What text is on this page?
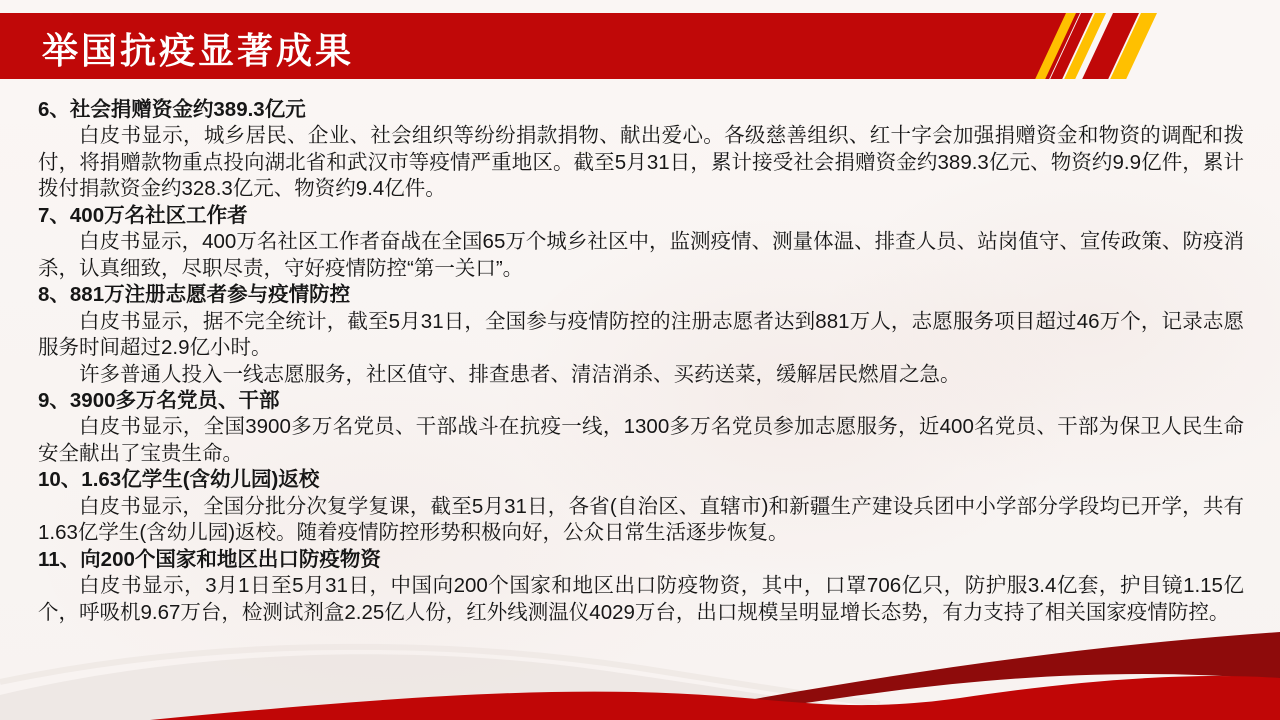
举国抗疫显著成果
6、社会捐赠资金约389.3亿元

白皮书显示，城乡居民、企业、社会组织等纷纷捐款捐物、献出爱心。各级慈善组织、红十字会加强捐赠资金和物资的调配和拨付，将捐赠款物重点投向湖北省和武汉市等疫情严重地区。截至5月31日，累计接受社会捐赠资金约389.3亿元、物资约9.9亿件，累计拨付捐款资金约328.3亿元、物资约9.4亿件。

7、400万名社区工作者

白皮书显示，400万名社区工作者奋战在全国65万个城乡社区中，监测疫情、测量体温、排查人员、站岗值守、宣传政策、防疫消杀，认真细致，尽职尽责，守好疫情防控“第一关口”。

8、881万注册志愿者参与疫情防控

白皮书显示，据不完全统计，截至5月31日，全国参与疫情防控的注册志愿者达到881万人，志愿服务项目超过46万个，记录志愿服务时间超过2.9亿小时。

许多普通人投入一线志愿服务，社区值守、排查患者、清洁消杀、买药送菜，缓解居民燃眉之急。

9、3900多万名党员、干部

白皮书显示，全国3900多万名党员、干部战斗在抗疫一线，1300多万名党员参加志愿服务，近400名党员、干部为保卫人民生命安全献出了宝贵生命。

10、1.63亿学生(含幼儿园)返校

白皮书显示，全国分批分次复学复课，截至5月31日，各省(自治区、直辖市)和新疆生产建设兵团中小学部分学段均已开学，共有1.63亿学生(含幼儿园)返校。随着疫情防控形势积极向好，公众日常生活逐步恢复。

11、向200个国家和地区出口防疫物资

白皮书显示，3月1日至5月31日，中国向200个国家和地区出口防疫物资，其中，口罩706亿只，防护服3.4亿套，护目镜1.15亿个，呼吸机9.67万台，检测试剂盒2.25亿人份，红外线测温仪4029万台，出口规模呈明显增长态势，有力支持了相关国家疫情防控。
